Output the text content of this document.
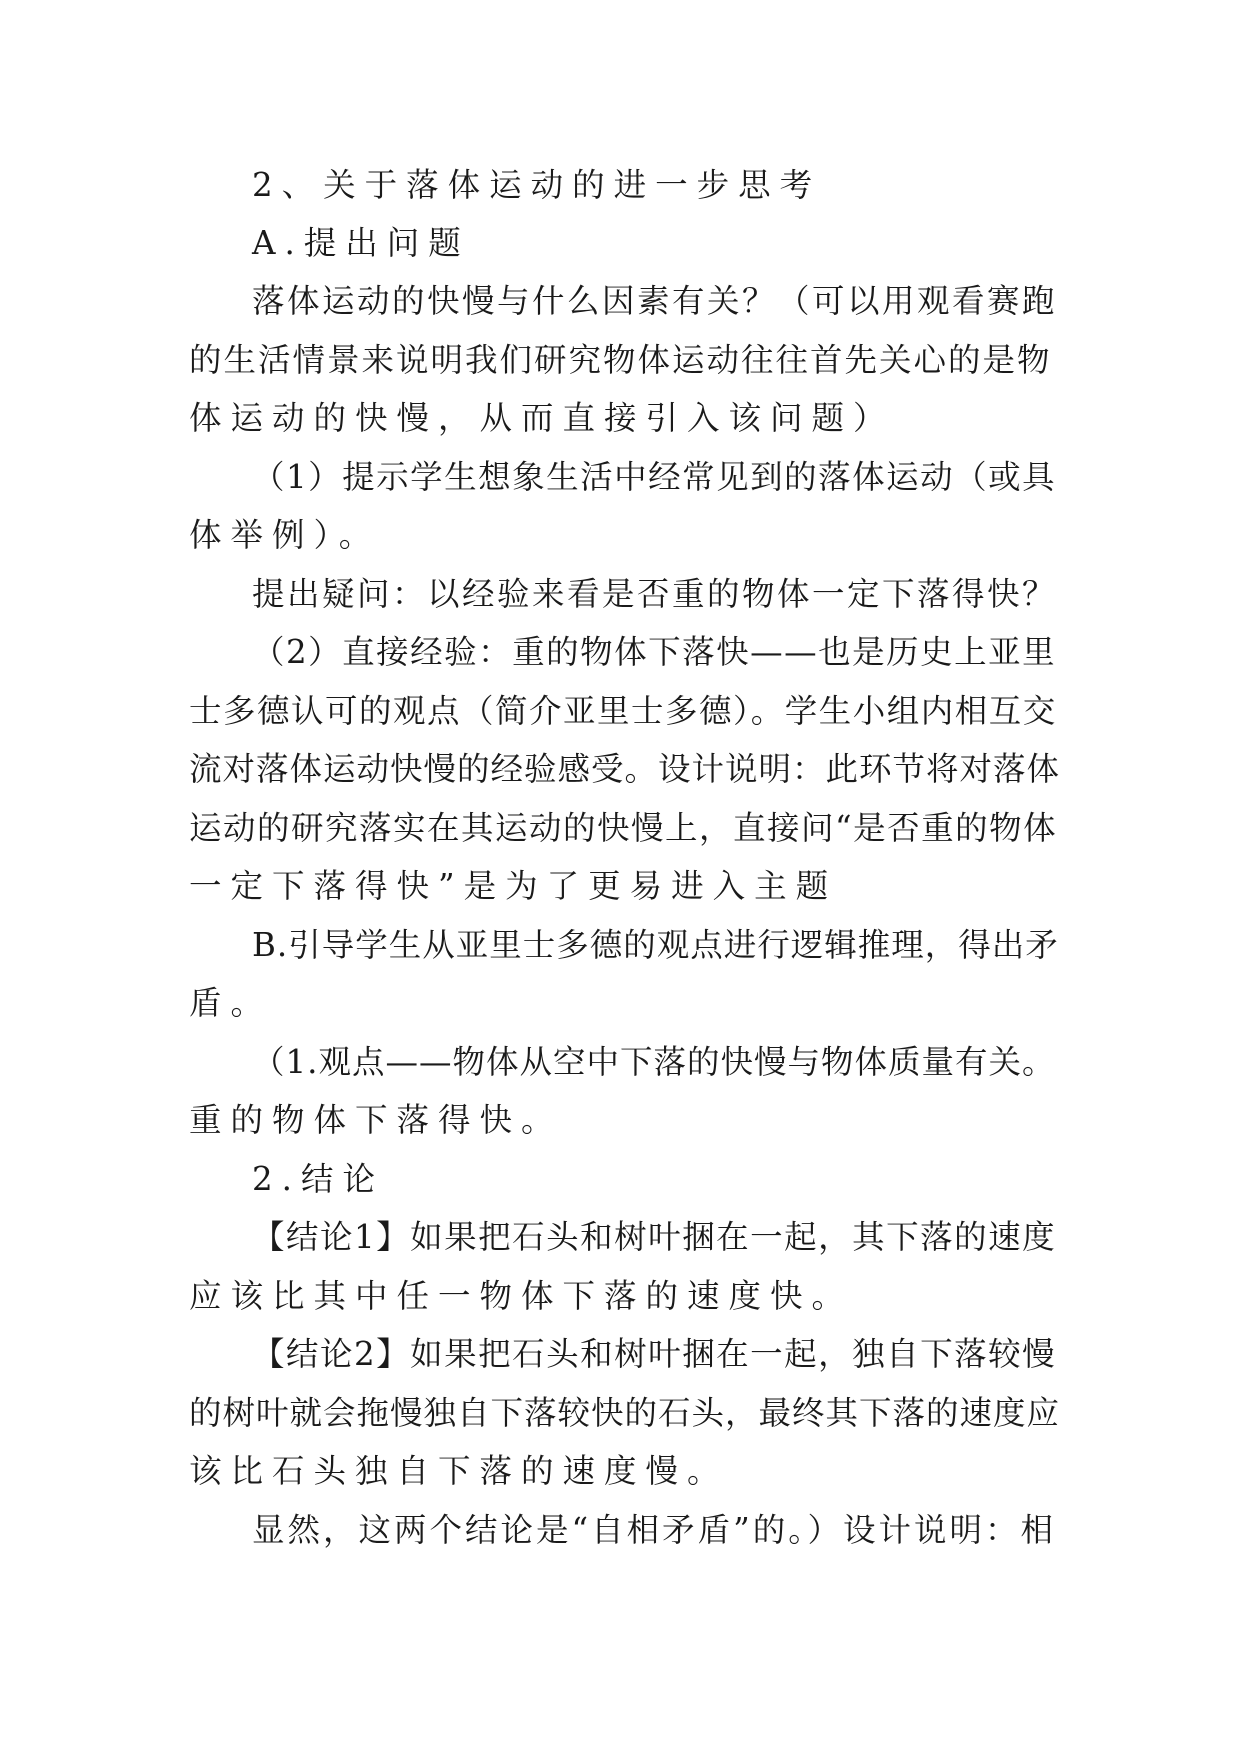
2、关于落体运动的进一步思考

A.提出问题

落体运动的快慢与什么因素有关？（可以用观看赛跑

的生活情景来说明我们研究物体运动往往首先关心的是物

体运动的快慢，从而直接引入该问题）

（1）提示学生想象生活中经常见到的落体运动（或具

体举例）。

提出疑问：以经验来看是否重的物体一定下落得快？

（2）直接经验：重的物体下落快——也是历史上亚里

士多德认可的观点（简介亚里士多德）。学生小组内相互交

流对落体运动快慢的经验感受。设计说明：此环节将对落体

运动的研究落实在其运动的快慢上，直接问“是否重的物体

一定下落得快”是为了更易进入主题

B.引导学生从亚里士多德的观点进行逻辑推理，得出矛

盾。

（1.观点——物体从空中下落的快慢与物体质量有关。

重的物体下落得快。

2.结论

【结论1】如果把石头和树叶捆在一起，其下落的速度

应该比其中任一物体下落的速度快。

【结论2】如果把石头和树叶捆在一起，独自下落较慢

的树叶就会拖慢独自下落较快的石头，最终其下落的速度应

该比石头独自下落的速度慢。

显然，这两个结论是“自相矛盾”的。）设计说明：相
